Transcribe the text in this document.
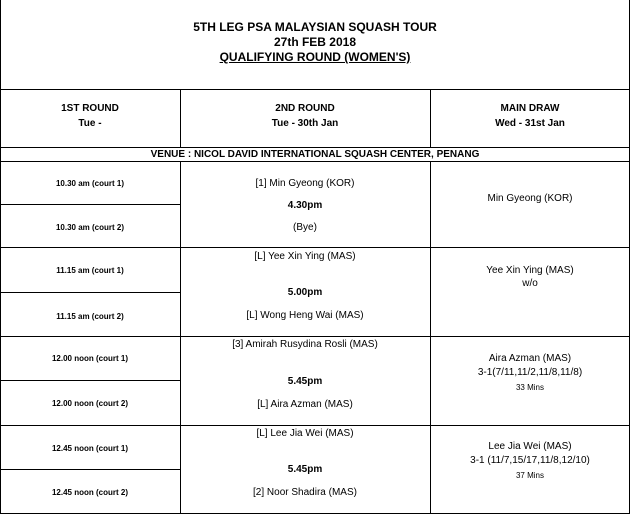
5TH LEG PSA MALAYSIAN SQUASH TOUR
27th FEB 2018
QUALIFYING ROUND (WOMEN'S)
1ST ROUND
Tue -
2ND ROUND
Tue - 30th Jan
MAIN DRAW
Wed - 31st Jan
VENUE : NICOL DAVID INTERNATIONAL SQUASH CENTER, PENANG
10.30 am (court 1)
10.30 am (court 2)
[1] Min Gyeong (KOR)
4.30pm
(Bye)
Min Gyeong (KOR)
11.15 am (court 1)
11.15 am (court 2)
[L] Yee Xin Ying (MAS)
5.00pm
[L] Wong Heng Wai (MAS)
Yee Xin Ying (MAS)
w/o
12.00 noon (court 1)
12.00 noon (court 2)
[3] Amirah Rusydina Rosli (MAS)
5.45pm
[L] Aira Azman (MAS)
Aira Azman (MAS)
3-1(7/11,11/2,11/8,11/8)
33 Mins
12.45 noon (court 1)
12.45 noon (court 2)
[L] Lee Jia Wei (MAS)
5.45pm
[2] Noor Shadira (MAS)
Lee Jia Wei (MAS)
3-1 (11/7,15/17,11/8,12/10)
37 Mins
